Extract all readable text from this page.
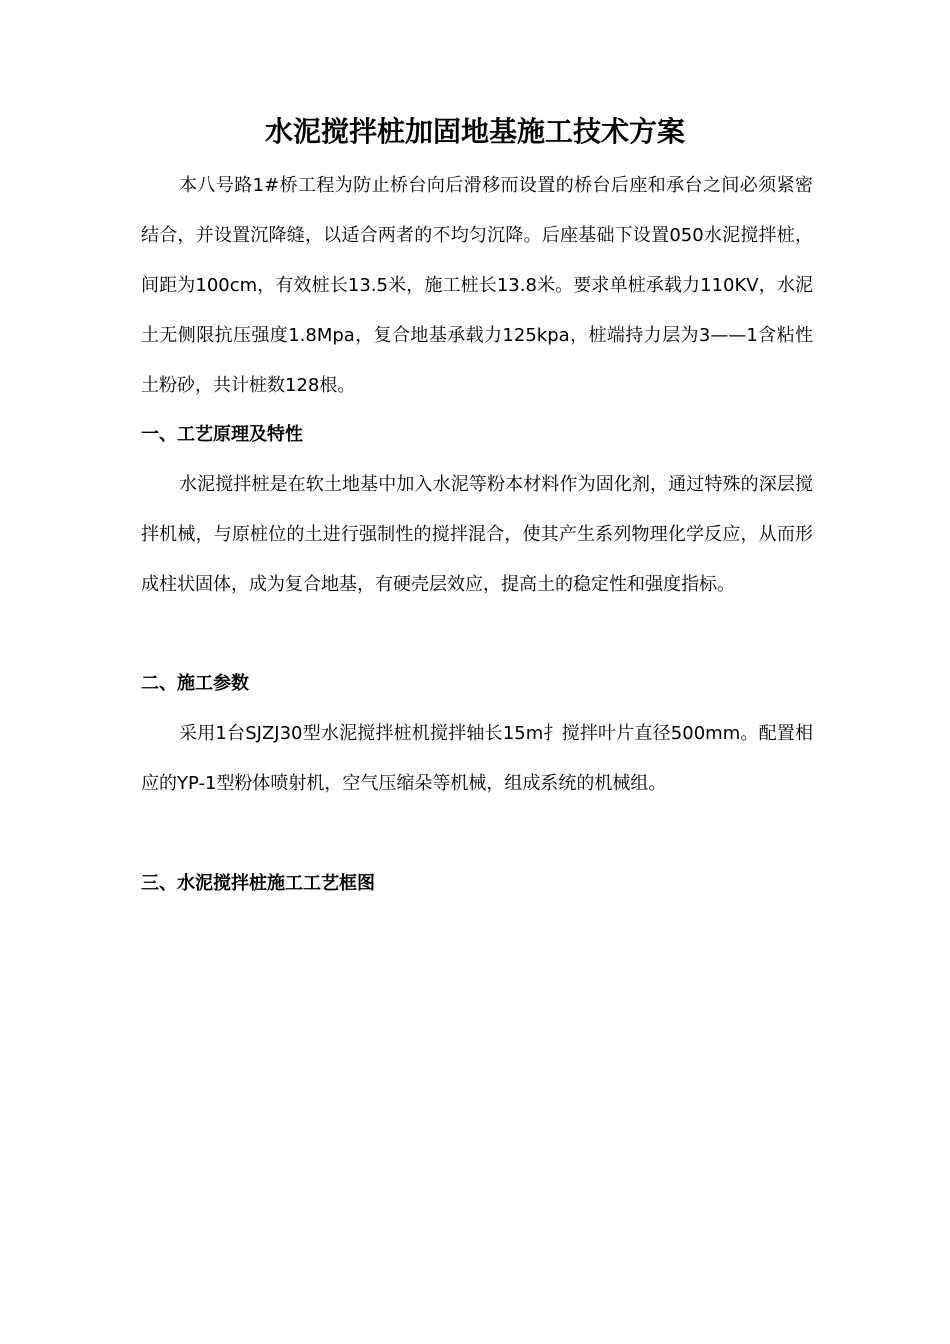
水泥搅拌桩加固地基施工技术方案

本八号路1#桥工程为防止桥台向后滑移而设置的桥台后座和承台之间必须紧密结合，并设置沉降缝，以适合两者的不均匀沉降。后座基础下设置050水泥搅拌桩，间距为100cm，有效桩长13.5米，施工桩长13.8米。要求单桩承载力110KV，水泥土无侧限抗压强度1.8Mpa，复合地基承载力125kpa，桩端持力层为3——1含粘性土粉砂，共计桩数128根。

一、工艺原理及特性

水泥搅拌桩是在软土地基中加入水泥等粉本材料作为固化剂，通过特殊的深层搅拌机械，与原桩位的土进行强制性的搅拌混合，使其产生系列物理化学反应，从而形成柱状固体，成为复合地基，有硬壳层效应，提高土的稳定性和强度指标。

二、施工参数

采用1台SJZJ30型水泥搅拌桩机搅拌轴长15m扌搅拌叶片直径500mm。配置相应的YP-1型粉体喷射机，空气压缩朵等机械，组成系统的机械组。

三、水泥搅拌桩施工工艺框图
